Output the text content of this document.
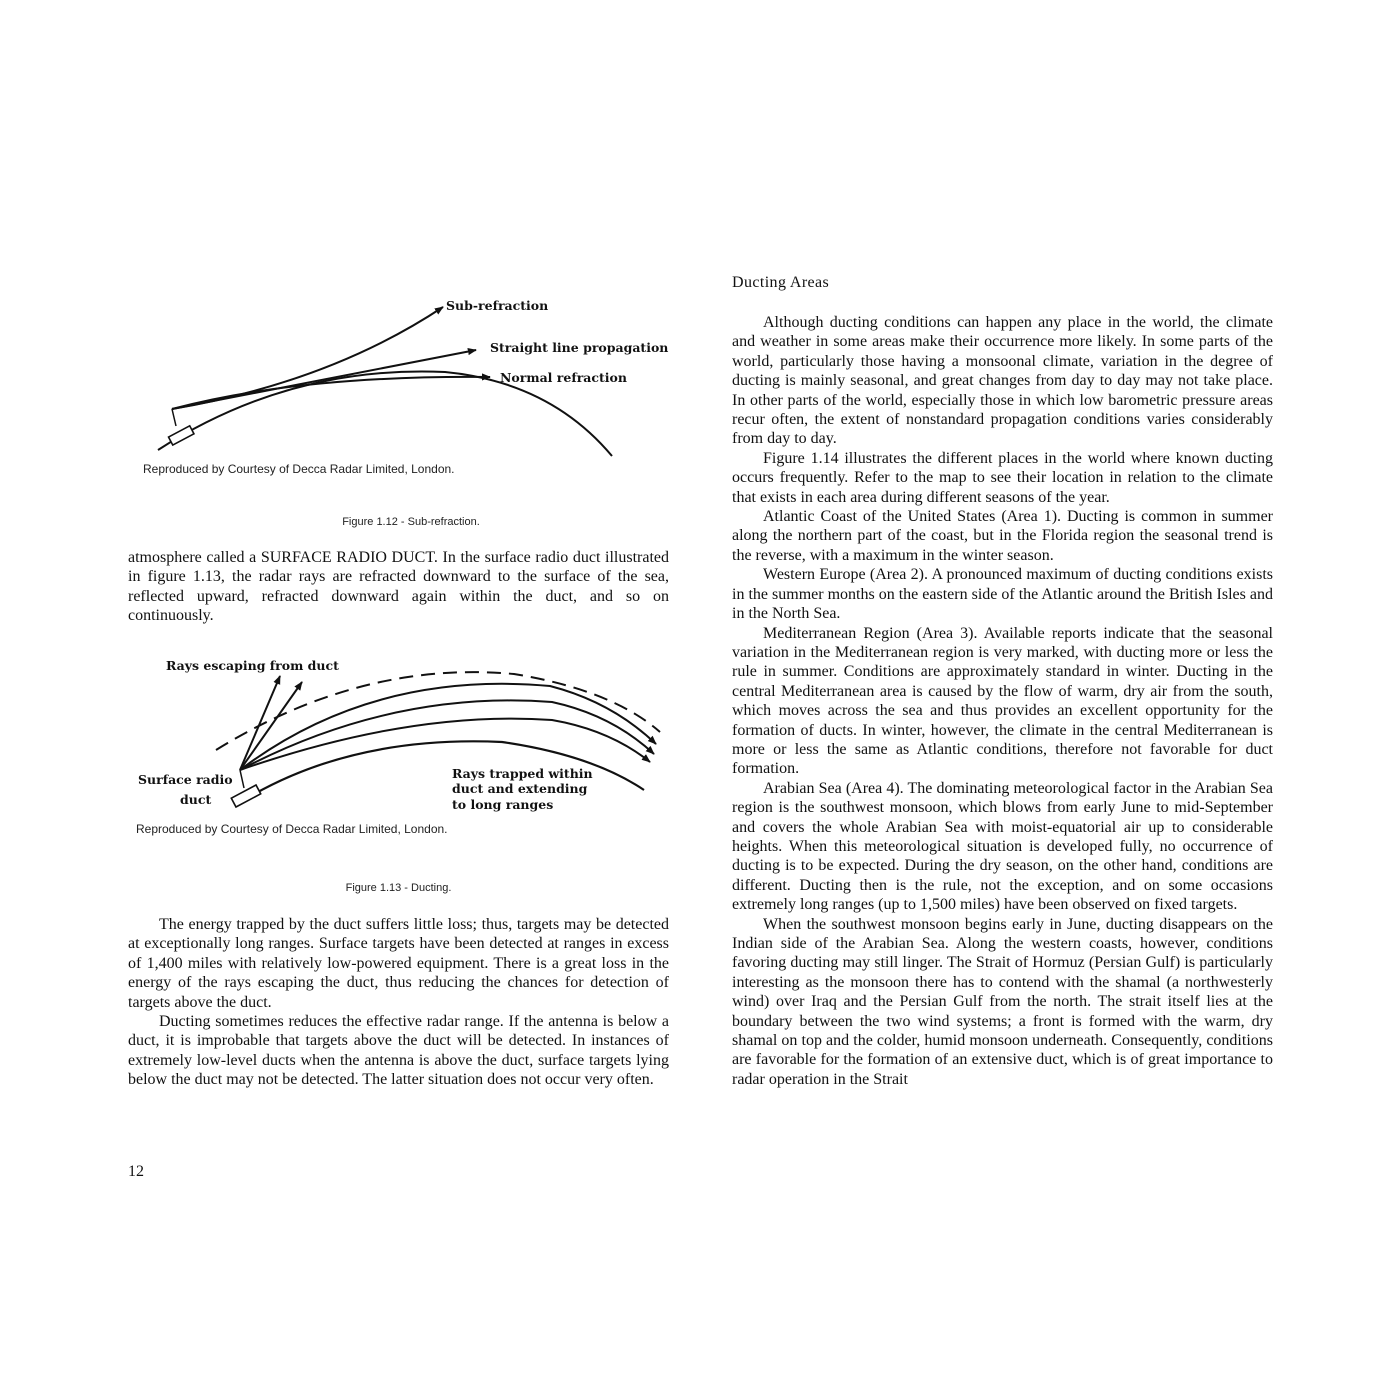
Sub-refraction
Straight line propagation
Normal refraction
Reproduced by Courtesy of Decca Radar Limited, London.
Figure 1.12 - Sub-refraction.

atmosphere called a SURFACE RADIO DUCT. In the surface radio duct illustrated in figure 1.13, the radar rays are refracted downward to the surface of the sea, reflected upward, refracted downward again within the duct, and so on continuously.

Rays escaping from duct
Surface radio
duct
Rays trapped within
duct and extending
to long ranges
Reproduced by Courtesy of Decca Radar Limited, London.
Figure 1.13 - Ducting.

The energy trapped by the duct suffers little loss; thus, targets may be detected at exceptionally long ranges. Surface targets have been detected at ranges in excess of 1,400 miles with relatively low-powered equipment. There is a great loss in the energy of the rays escaping the duct, thus reducing the chances for detection of targets above the duct.

Ducting sometimes reduces the effective radar range. If the antenna is below a duct, it is improbable that targets above the duct will be detected. In instances of extremely low-level ducts when the antenna is above the duct, surface targets lying below the duct may not be detected. The latter situation does not occur very often.

Ducting Areas

Although ducting conditions can happen any place in the world, the climate and weather in some areas make their occurrence more likely. In some parts of the world, particularly those having a monsoonal climate, variation in the degree of ducting is mainly seasonal, and great changes from day to day may not take place. In other parts of the world, especially those in which low barometric pressure areas recur often, the extent of nonstandard propagation conditions varies considerably from day to day.

Figure 1.14 illustrates the different places in the world where known ducting occurs frequently. Refer to the map to see their location in relation to the climate that exists in each area during different seasons of the year.

Atlantic Coast of the United States (Area 1). Ducting is common in summer along the northern part of the coast, but in the Florida region the seasonal trend is the reverse, with a maximum in the winter season.

Western Europe (Area 2). A pronounced maximum of ducting conditions exists in the summer months on the eastern side of the Atlantic around the British Isles and in the North Sea.

Mediterranean Region (Area 3). Available reports indicate that the seasonal variation in the Mediterranean region is very marked, with ducting more or less the rule in summer. Conditions are approximately standard in winter. Ducting in the central Mediterranean area is caused by the flow of warm, dry air from the south, which moves across the sea and thus provides an excellent opportunity for the formation of ducts. In winter, however, the climate in the central Mediterranean is more or less the same as Atlantic conditions, therefore not favorable for duct formation.

Arabian Sea (Area 4). The dominating meteorological factor in the Arabian Sea region is the southwest monsoon, which blows from early June to mid-September and covers the whole Arabian Sea with moist-equatorial air up to considerable heights. When this meteorological situation is developed fully, no occurrence of ducting is to be expected. During the dry season, on the other hand, conditions are different. Ducting then is the rule, not the exception, and on some occasions extremely long ranges (up to 1,500 miles) have been observed on fixed targets.

When the southwest monsoon begins early in June, ducting disappears on the Indian side of the Arabian Sea. Along the western coasts, however, conditions favoring ducting may still linger. The Strait of Hormuz (Persian Gulf) is particularly interesting as the monsoon there has to contend with the shamal (a northwesterly wind) over Iraq and the Persian Gulf from the north. The strait itself lies at the boundary between the two wind systems; a front is formed with the warm, dry shamal on top and the colder, humid monsoon underneath. Consequently, conditions are favorable for the formation of an extensive duct, which is of great importance to radar operation in the Strait

12
